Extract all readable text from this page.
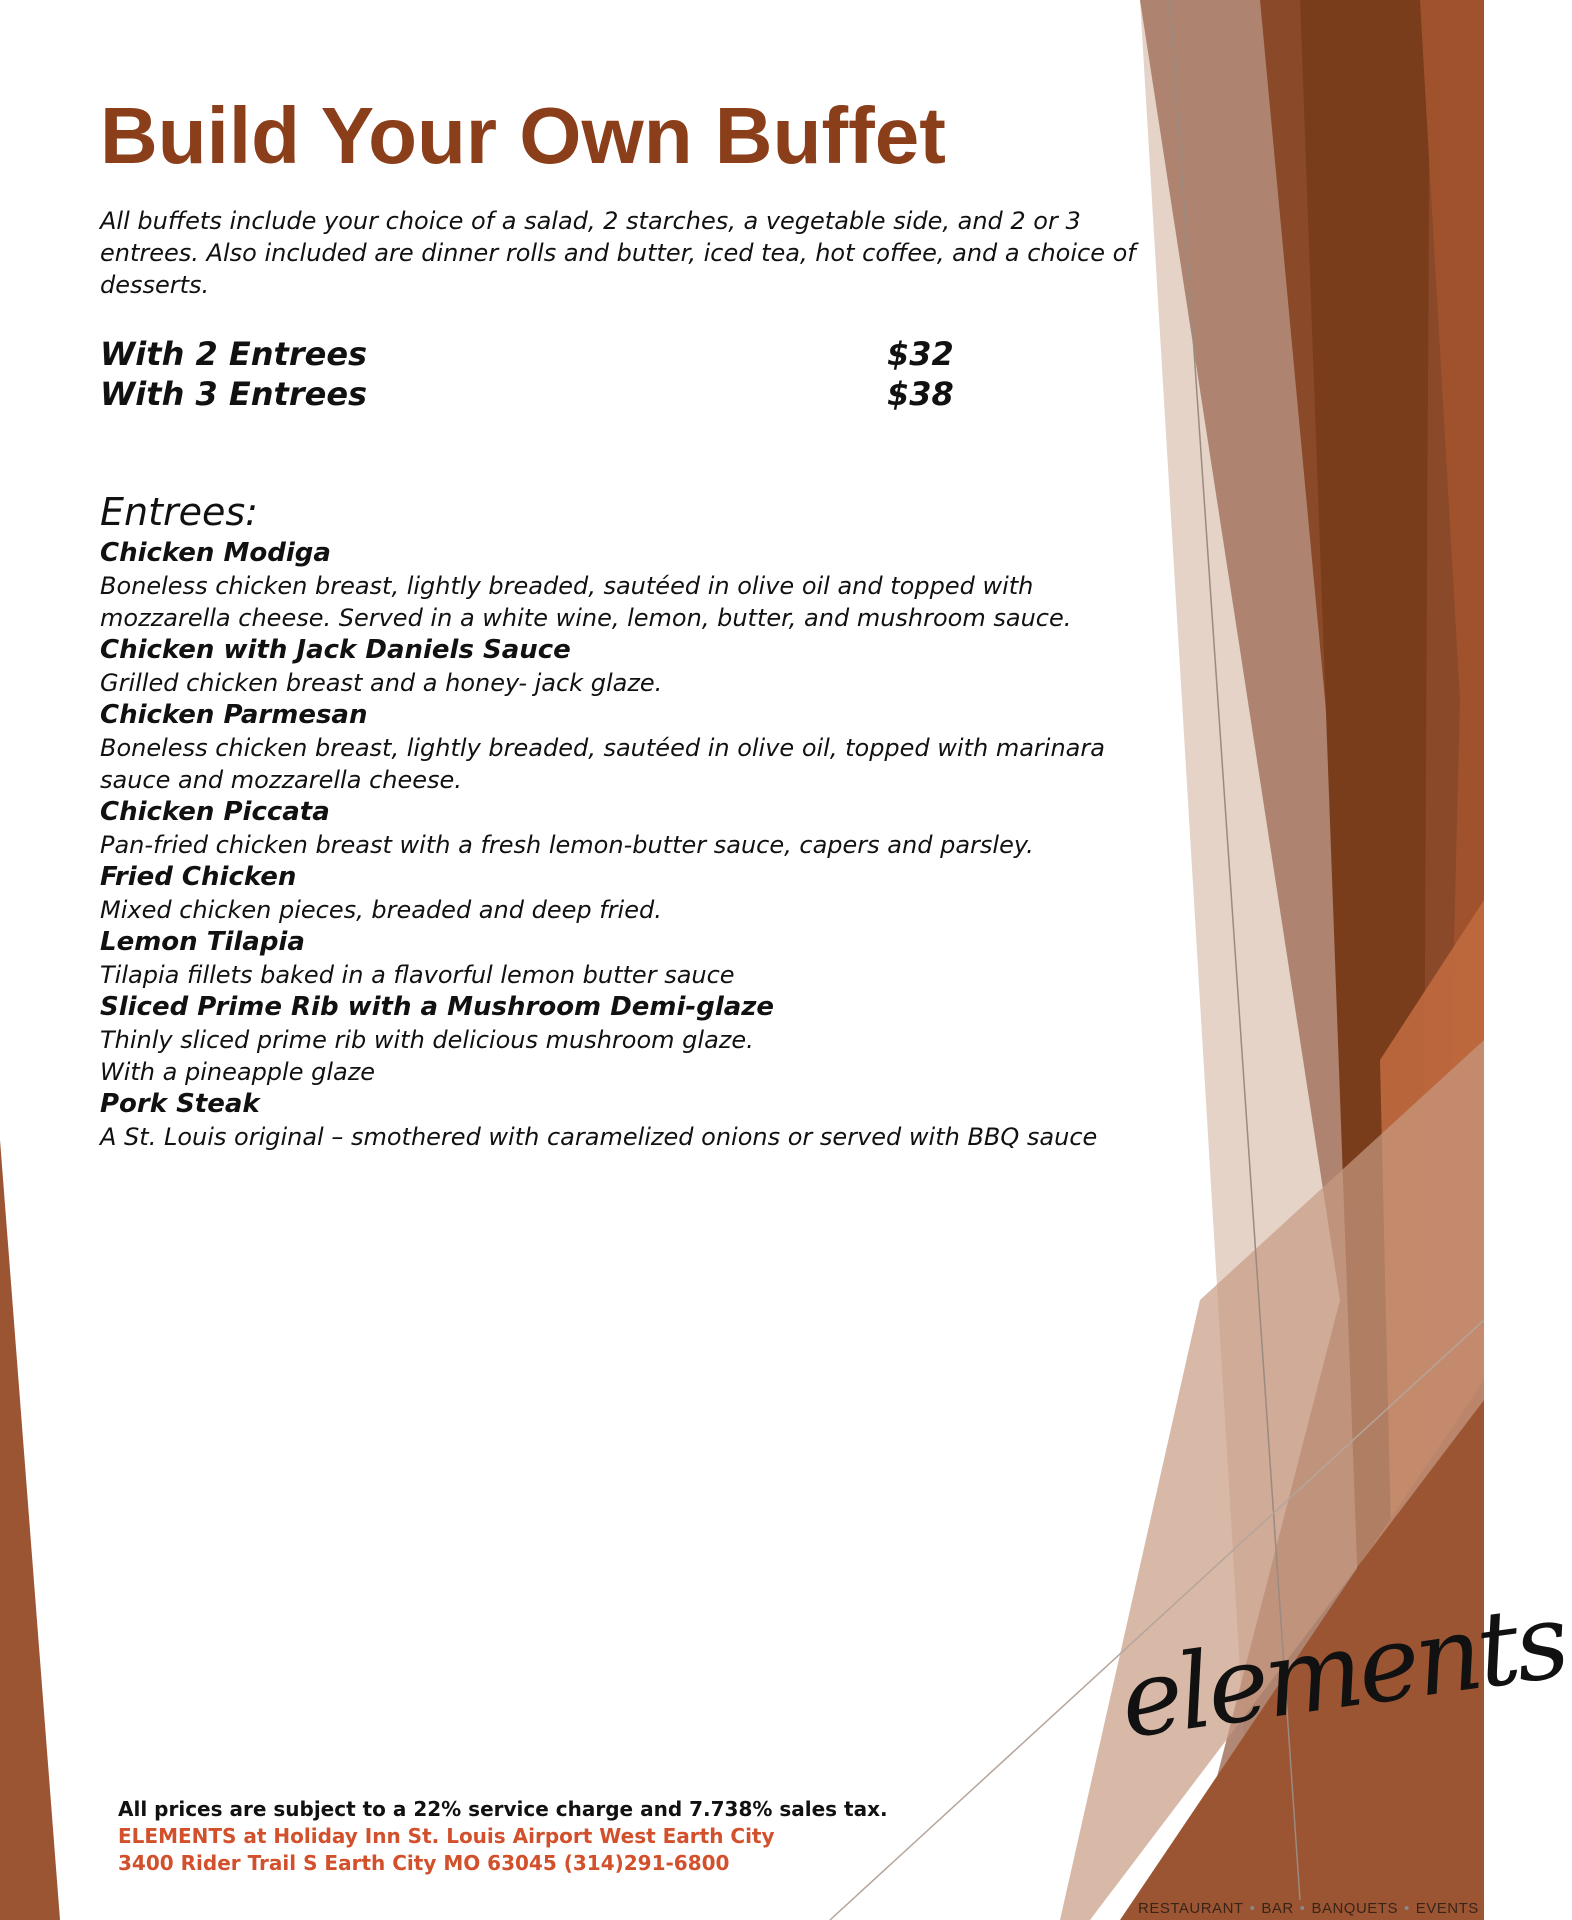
Build Your Own Buffet
All buffets include your choice of a salad, 2 starches, a vegetable side, and 2 or 3 entrees. Also included are dinner rolls and butter, iced tea, hot coffee, and a choice of desserts.
With 2 Entrees	$32
With 3 Entrees	$38
Entrees:
Chicken Modiga
Boneless chicken breast, lightly breaded, sautéed in olive oil and topped with mozzarella cheese. Served in a white wine, lemon, butter, and mushroom sauce.
Chicken with Jack Daniels Sauce
Grilled chicken breast and a honey- jack glaze.
Chicken Parmesan
Boneless chicken breast, lightly breaded, sautéed in olive oil, topped with marinara sauce and mozzarella cheese.
Chicken Piccata
Pan-fried chicken breast with a fresh lemon-butter sauce, capers and parsley.
Fried Chicken
Mixed chicken pieces, breaded and deep fried.
Lemon Tilapia
Tilapia fillets baked in a flavorful lemon butter sauce
Sliced Prime Rib with a Mushroom Demi-glaze
Thinly sliced prime rib with delicious mushroom glaze.
With a pineapple glaze
Pork Steak
A St. Louis original – smothered with caramelized onions or served with BBQ sauce
All prices are subject to a 22% service charge and 7.738% sales tax.
ELEMENTS at Holiday Inn St. Louis Airport West Earth City
3400 Rider Trail S Earth City MO 63045 (314)291-6800
elements
RESTAURANT • BAR • BANQUETS • EVENTS
